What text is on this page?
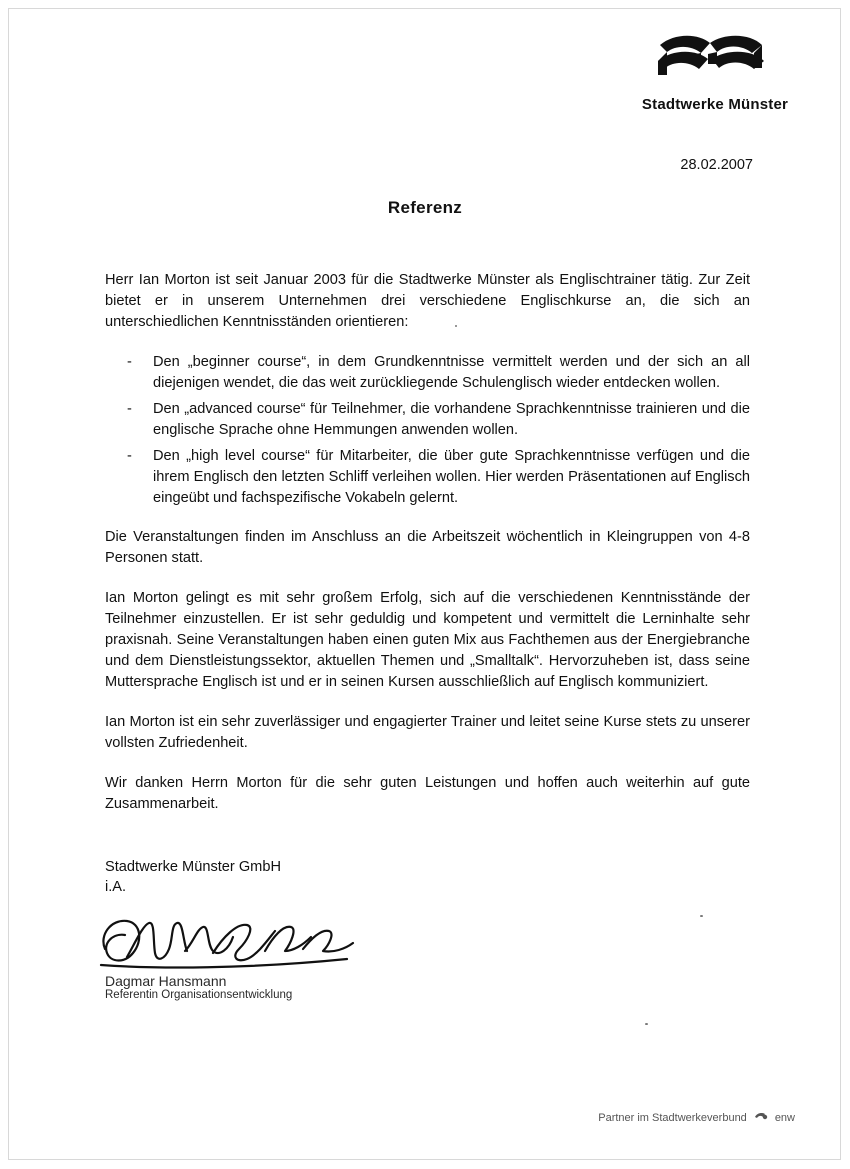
Stadtwerke Münster
28.02.2007
Referenz

Herr Ian Morton ist seit Januar 2003 für die Stadtwerke Münster als Englischtrainer tätig. Zur Zeit bietet er in unserem Unternehmen drei verschiedene Englischkurse an, die sich an unterschiedlichen Kenntnisständen orientieren:

- Den „beginner course“, in dem Grundkenntnisse vermittelt werden und der sich an all diejenigen wendet, die das weit zurückliegende Schulenglisch wieder entdecken wollen.
- Den „advanced course“ für Teilnehmer, die vorhandene Sprachkenntnisse trainieren und die englische Sprache ohne Hemmungen anwenden wollen.
- Den „high level course“ für Mitarbeiter, die über gute Sprachkenntnisse verfügen und die ihrem Englisch den letzten Schliff verleihen wollen. Hier werden Präsentationen auf Englisch eingeübt und fachspezifische Vokabeln gelernt.

Die Veranstaltungen finden im Anschluss an die Arbeitszeit wöchentlich in Kleingruppen von 4-8 Personen statt.

Ian Morton gelingt es mit sehr großem Erfolg, sich auf die verschiedenen Kenntnisstände der Teilnehmer einzustellen. Er ist sehr geduldig und kompetent und vermittelt die Lerninhalte sehr praxisnah. Seine Veranstaltungen haben einen guten Mix aus Fachthemen aus der Energiebranche und dem Dienstleistungssektor, aktuellen Themen und „Smalltalk“. Hervorzuheben ist, dass seine Muttersprache Englisch ist und er in seinen Kursen ausschließlich auf Englisch kommuniziert.

Ian Morton ist ein sehr zuverlässiger und engagierter Trainer und leitet seine Kurse stets zu unserer vollsten Zufriedenheit.

Wir danken Herrn Morton für die sehr guten Leistungen und hoffen auch weiterhin auf gute Zusammenarbeit.

Stadtwerke Münster GmbH
i.A.
Dagmar Hansmann
Referentin Organisationsentwicklung
Partner im Stadtwerkeverbund	enw
